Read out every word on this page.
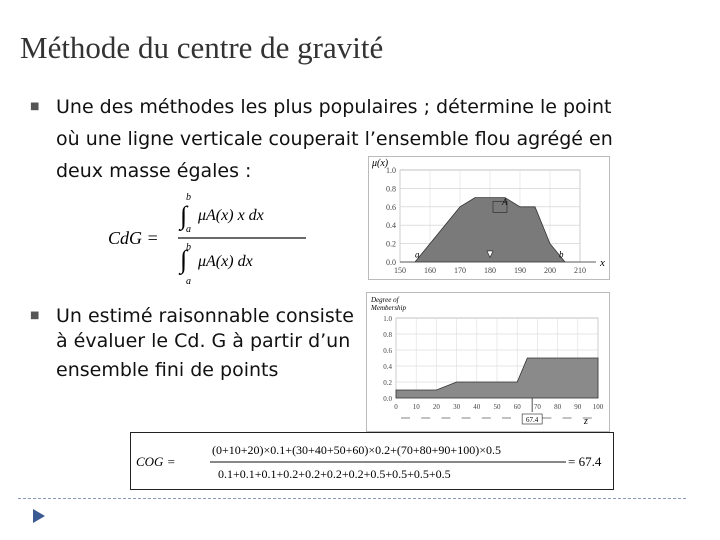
Méthode du centre de gravité
■ Une des méthodes les plus populaires ; détermine le point
où une ligne verticale couperait l’ensemble flou agrégé en
deux masse égales :
CdG =
∫
b
a
μA(x) x dx
∫
b
a
μA(x) dx	0.0
0.2
0.4
0.6
0.8
1.0
150 160 170 180 190 200 210
μ(x)
x
A
a	b
■ Un estimé raisonnable consiste
à évaluer le Cd. G à partir d’un
ensemble fini de points
0.0
0.2
0.4
0.6
0.8
1.0
0 10 20 30 40 50 60 70 80 90 100
Degree of
Membership
z
67.4
COG =
(0+10+20)×0.1+(30+40+50+60)×0.2+(70+80+90+100)×0.5
0.1+0.1+0.1+0.2+0.2+0.2+0.2+0.5+0.5+0.5+0.5
= 67.4
